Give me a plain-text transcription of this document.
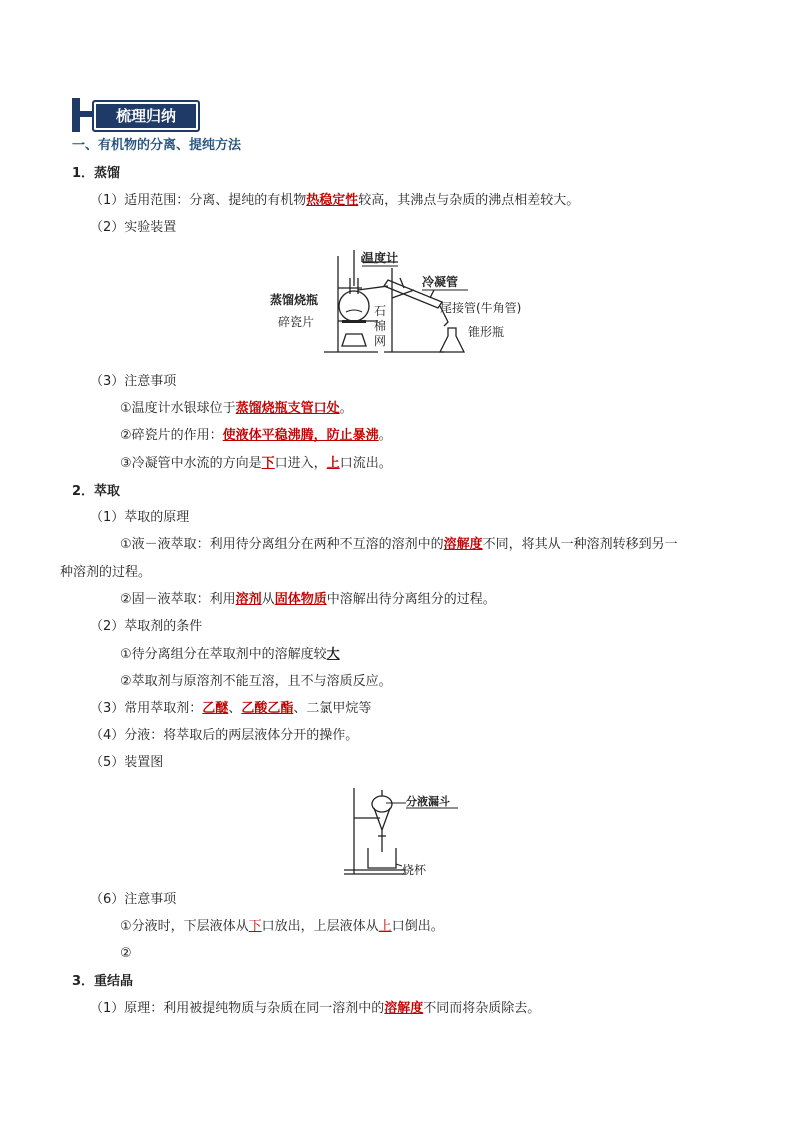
梳理归纳
一、有机物的分离、提纯方法
1．蒸馏
（1）适用范围：分离、提纯的有机物热稳定性较高，其沸点与杂质的沸点相差较大。
（2）实验装置
温度计
冷凝管
蒸馏烧瓶
碎瓷片
石
棉
网
尾接管(牛角管)
锥形瓶
（3）注意事项
①温度计水银球位于蒸馏烧瓶支管口处。
②碎瓷片的作用：使液体平稳沸腾，防止暴沸。
③冷凝管中水流的方向是下口进入，上口流出。
2．萃取
（1）萃取的原理
①液－液萃取：利用待分离组分在两种不互溶的溶剂中的溶解度不同，将其从一种溶剂转移到另一
种溶剂的过程。
②固－液萃取：利用溶剂从固体物质中溶解出待分离组分的过程。
（2）萃取剂的条件
①待分离组分在萃取剂中的溶解度较大
②萃取剂与原溶剂不能互溶，且不与溶质反应。
（3）常用萃取剂：乙醚、乙酸乙酯、二氯甲烷等
（4）分液：将萃取后的两层液体分开的操作。
（5）装置图
分液漏斗
烧杯
（6）注意事项
①分液时，下层液体从下口放出，上层液体从上口倒出。
②
3．重结晶
（1）原理：利用被提纯物质与杂质在同一溶剂中的溶解度不同而将杂质除去。
